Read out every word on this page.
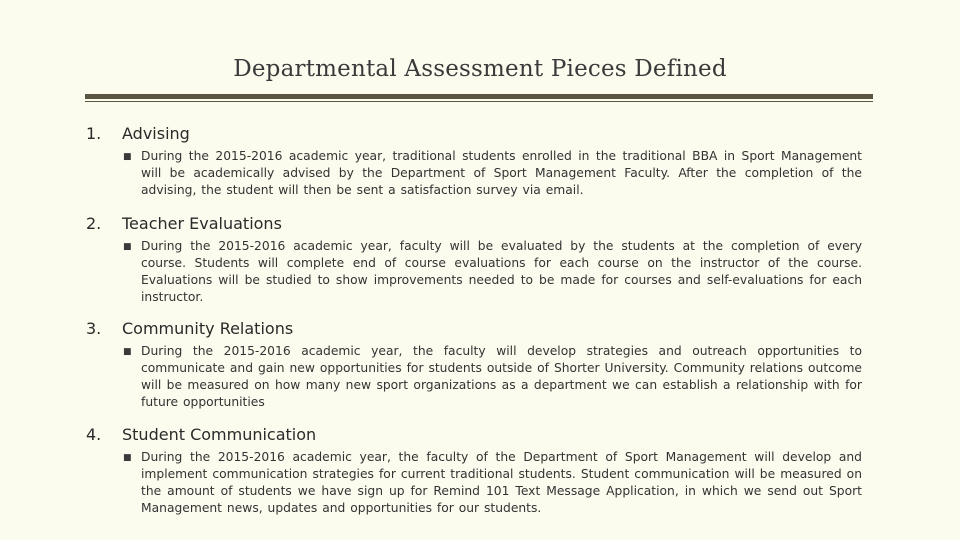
Departmental Assessment Pieces Defined
1. Advising
■ During the 2015-2016 academic year, traditional students enrolled in the traditional BBA in Sport Management will be academically advised by the Department of Sport Management Faculty. After the completion of the advising, the student will then be sent a satisfaction survey via email.
2. Teacher Evaluations
■ During the 2015-2016 academic year, faculty will be evaluated by the students at the completion of every course. Students will complete end of course evaluations for each course on the instructor of the course. Evaluations will be studied to show improvements needed to be made for courses and self-evaluations for each instructor.
3. Community Relations
■ During the 2015-2016 academic year, the faculty will develop strategies and outreach opportunities to communicate and gain new opportunities for students outside of Shorter University. Community relations outcome will be measured on how many new sport organizations as a department we can establish a relationship with for future opportunities
4. Student Communication
■ During the 2015-2016 academic year, the faculty of the Department of Sport Management will develop and implement communication strategies for current traditional students. Student communication will be measured on the amount of students we have sign up for Remind 101 Text Message Application, in which we send out Sport Management news, updates and opportunities for our students.
